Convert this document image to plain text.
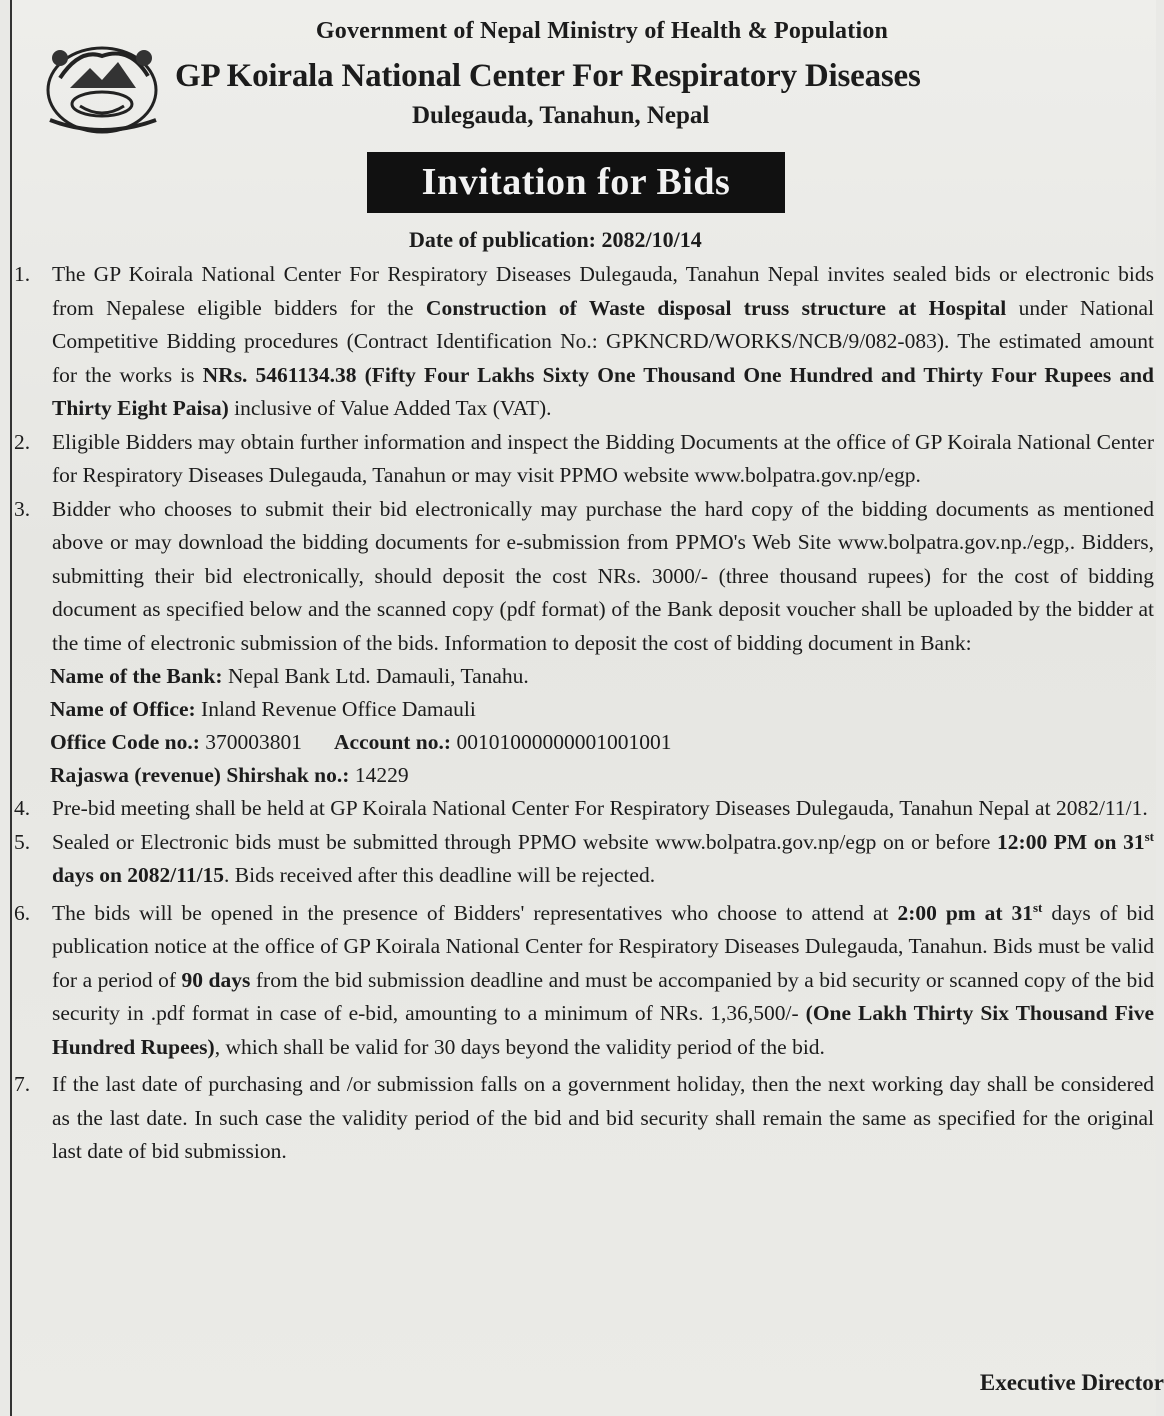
Government of Nepal Ministry of Health & Population
GP Koirala National Center For Respiratory Diseases
Dulegauda, Tanahun, Nepal
Invitation for Bids
Date of publication: 2082/10/14
1.	The GP Koirala National Center For Respiratory Diseases Dulegauda, Tanahun Nepal invites sealed bids or electronic bids from Nepalese eligible bidders for the Construction of Waste disposal truss structure at Hospital under National Competitive Bidding procedures (Contract Identification No.: GPKNCRD/WORKS/NCB/9/082-083). The estimated amount for the works is NRs. 5461134.38 (Fifty Four Lakhs Sixty One Thousand One Hundred and Thirty Four Rupees and Thirty Eight Paisa) inclusive of Value Added Tax (VAT).
2.	Eligible Bidders may obtain further information and inspect the Bidding Documents at the office of GP Koirala National Center for Respiratory Diseases Dulegauda, Tanahun or may visit PPMO website www.bolpatra.gov.np/egp.
3.	Bidder who chooses to submit their bid electronically may purchase the hard copy of the bidding documents as mentioned above or may download the bidding documents for e-submission from PPMO's Web Site www.bolpatra.gov.np./egp,. Bidders, submitting their bid electronically, should deposit the cost NRs. 3000/- (three thousand rupees) for the cost of bidding document as specified below and the scanned copy (pdf format) of the Bank deposit voucher shall be uploaded by the bidder at the time of electronic submission of the bids. Information to deposit the cost of bidding document in Bank:
Name of the Bank: Nepal Bank Ltd. Damauli, Tanahu.
Name of Office: Inland Revenue Office Damauli
Office Code no.: 370003801 Account no.: 00101000000001001001
Rajaswa (revenue) Shirshak no.: 14229
4.	Pre-bid meeting shall be held at GP Koirala National Center For Respiratory Diseases Dulegauda, Tanahun Nepal at 2082/11/1.
5.	Sealed or Electronic bids must be submitted through PPMO website www.bolpatra.gov.np/egp on or before 12:00 PM on 31st days on 2082/11/15. Bids received after this deadline will be rejected.
6.	The bids will be opened in the presence of Bidders' representatives who choose to attend at 2:00 pm at 31st days of bid publication notice at the office of GP Koirala National Center for Respiratory Diseases Dulegauda, Tanahun. Bids must be valid for a period of 90 days from the bid submission deadline and must be accompanied by a bid security or scanned copy of the bid security in .pdf format in case of e-bid, amounting to a minimum of NRs. 1,36,500/- (One Lakh Thirty Six Thousand Five Hundred Rupees), which shall be valid for 30 days beyond the validity period of the bid.
7.	If the last date of purchasing and /or submission falls on a government holiday, then the next working day shall be considered as the last date. In such case the validity period of the bid and bid security shall remain the same as specified for the original last date of bid submission.
Executive Director
